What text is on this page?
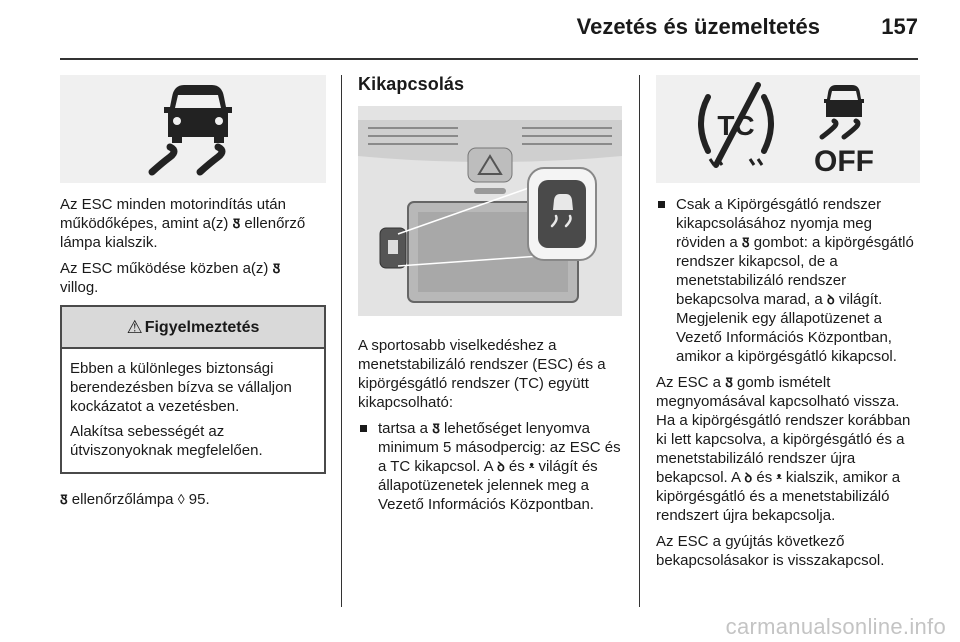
Vezetés és üzemeltetés	157

Az ESC minden motorindítás után működőképes, amint a(z) Ꟑ ellenőrző lámpa kialszik.

Az ESC működése közben a(z) Ꟑ
villog.

⚠ Figyelmeztetés

Ebben a különleges biztonsági berendezésben bízva se vállaljon kockázatot a vezetésben.

Alakítsa sebességét az útviszonyoknak megfelelően.

Ꟑ ellenőrzőlámpa ◊ 95.

Kikapcsolás

A sportosabb viselkedéshez a menetstabilizáló rendszer (ESC) és a kipörgésgátló rendszer (TC) együtt kikapcsolható:

tartsa a Ꟑ lehetőséget lenyomva minimum 5 másodpercig: az ESC és a TC kikapcsol. A ꝺ és ᵜ világít és állapotüzenetek jelennek meg a Vezető Információs Központban.
TC
OFF
Csak a Kipörgésgátló rendszer kikapcsolásához nyomja meg röviden a Ꟑ gombot: a kipörgésgátló rendszer kikapcsol, de a menetstabilizáló rendszer bekapcsolva marad, a ꝺ világít. Megjelenik egy állapotüzenet a Vezető Információs Központban, amikor a kipörgésgátló kikapcsol.

Az ESC a Ꟑ gomb ismételt megnyomásával kapcsolható vissza. Ha a kipörgésgátló rendszer korábban ki lett kapcsolva, a kipörgésgátló és a menetstabilizáló rendszer újra bekapcsol. A ꝺ és ᵜ kialszik, amikor a kipörgésgátló és a menetstabilizáló rendszert újra bekapcsolja.

Az ESC a gyújtás következő bekapcsolásakor is visszakapcsol.

carmanualsonline.info
